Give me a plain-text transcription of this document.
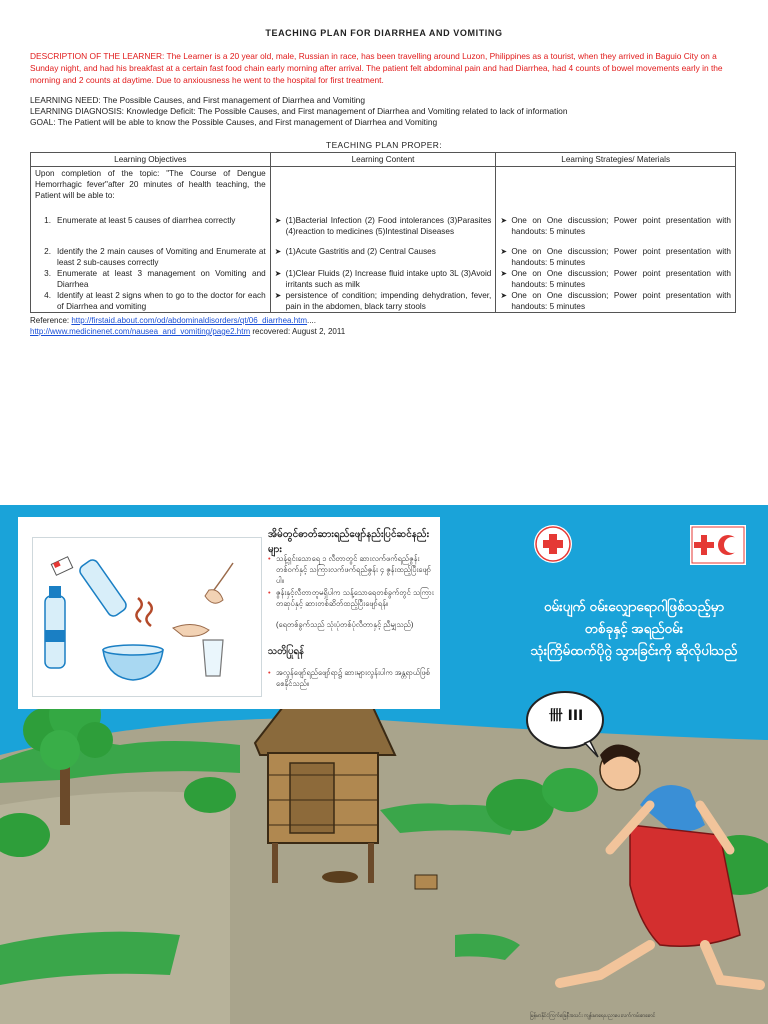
TEACHING PLAN FOR DIARRHEA AND VOMITING

DESCRIPTION OF THE LEARNER: The Learner is a 20 year old, male, Russian in race, has been travelling around Luzon, Philippines as a tourist, when they arrived in Baguio City on a Sunday night, and had his breakfast at a certain fast food chain early morning after arrival. The patient felt abdominal pain and had Diarrhea, had 4 counts of bowel movements early in the morning and 2 counts at daytime. Due to anxiousness he went to the hospital for first treatment.

LEARNING NEED: The Possible Causes, and First management of Diarrhea and Vomiting

LEARNING DIAGNOSIS: Knowledge Deficit: The Possible Causes, and First management of Diarrhea and Vomiting related to lack of information

GOAL: The Patient will be able to know the Possible Causes, and First management of Diarrhea and Vomiting

TEACHING PLAN PROPER:
Learning Objectives	Learning Content	Learning Strategies/ Materials
Upon completion of the topic: "The Course of Dengue Hemorrhagic fever"after 20 minutes of health teaching, the Patient will be able to:		

1. Enumerate at least 5 causes of diarrhea correctly	➤ (1)Bacterial Infection (2) Food intolerances (3)Parasites (4)reaction to medicines (5)Intestinal Diseases	➤ One on One discussion; Power point presentation with handouts: 5 minutes

2. Identify the 2 main causes of Vomiting and Enumerate at least 2 sub-causes correctly	➤ (1)Acute Gastritis and (2) Central Causes	➤ One on One discussion; Power point presentation with handouts: 5 minutes

3. Enumerate at least 3 management on Vomiting and Diarrhea	➤ (1)Clear Fluids (2) Increase fluid intake upto 3L (3)Avoid irritants such as milk	➤ One on One discussion; Power point presentation with handouts: 5 minutes

4. Identify at least 2 signs when to go to the doctor for each of Diarrhea and vomiting	➤ persistence of condition; impending dehydration, fever, pain in the abdomen, black tarry stools	➤ One on One discussion; Power point presentation with handouts: 5 minutes
Reference: http://firstaid.about.com/od/abdominaldisorders/qt/06_diarrhea.htm....
http://www.medicinenet.com/nausea_and_vomiting/page2.htm recovered: August 2, 2011
အိမ်တွင်ဓာတ်ဆားရည်ဖျော်နည်းပြင်ဆင်နည်းများ
• သန့်ရှင်းသောရေ ၁ လီတာတွင် ဆားလက်ဖက်ရည်ဇွန်းတစ်ဝက်နှင့် သကြားလက်ဖက်ရည်ဇွန်း ၄ ဇွန်းထည့်ပြီးဖျော်ပါ။
• ဇွန်းနှင့်လီတာတူမရှိပါက သန့်သောရေတစ်ခွက်တွင် သကြားတဆုပ်နှင့် ဆားတစ်ဆိတ်ထည့်ပြီးဖျော်ရန်။
(ရေတစ်ခွက်သည် သုံးပုံတစ်ပုံလီတာနှင့် ညီမျှသည်)
သတိပြုရန်
• အလွန်ဖျော်ရည်ဖျော်ရာ၌ ဆားများလွန်းပါက အန္တရာယ်ဖြစ်စေနိုင်သည်။
ဝမ်းပျက် ဝမ်းလျှောရောဂါဖြစ်သည့်မှာ
တစ်ခုနှင့် အရည်ဝမ်း
သုံးကြိမ်ထက်ပိုဂွဲ သွားခြင်းကို ဆိုလိုပါသည်
卌 III
မြန်မာနိုင်ငံကြက်ခြေနီအသင်း ကျန်းမာရေးပညာပေးလက်ကမ်းစာစောင်
